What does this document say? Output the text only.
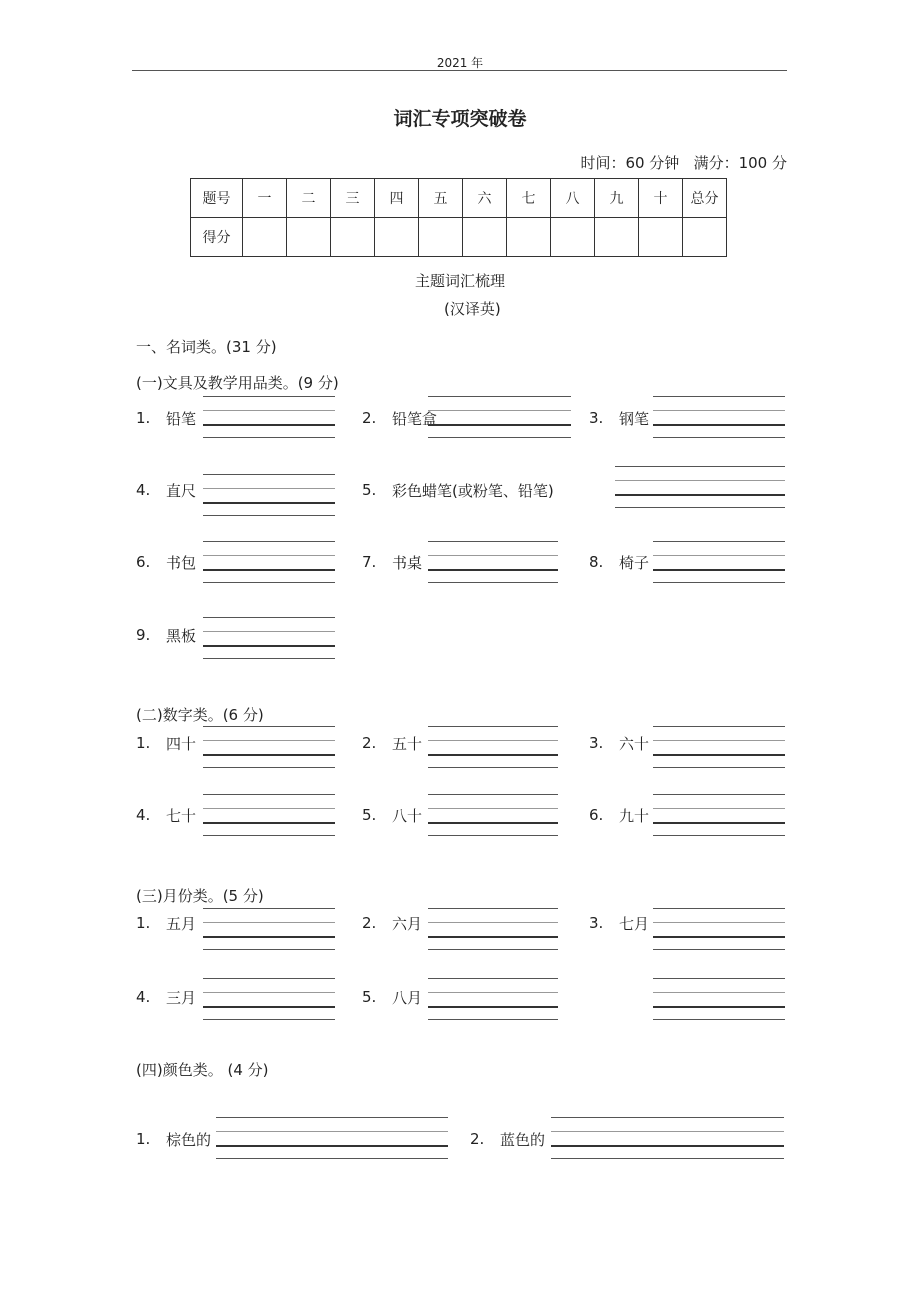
2021 年
词汇专项突破卷
时间：60 分钟   满分：100 分
题号	一	二	三	四	五	六	七	八	九	十	总分
得分											
主题词汇梳理
(汉译英)
一、名词类。(31 分)
(一)文具及教学用品类。(9 分)
1. 铅笔	2. 铅笔盒	3. 钢笔
4. 直尺	5. 彩色蜡笔(或粉笔、铅笔)
6. 书包	7. 书桌	8. 椅子
9. 黑板
1. 四十	2. 五十	3. 六十
4. 七十	5. 八十	6. 九十
1. 五月	2. 六月	3. 七月
4. 三月	5. 八月
1. 棕色的	2. 蓝色的
(二)数字类。(6 分)
(三)月份类。(5 分)
(四)颜色类。 (4 分)
